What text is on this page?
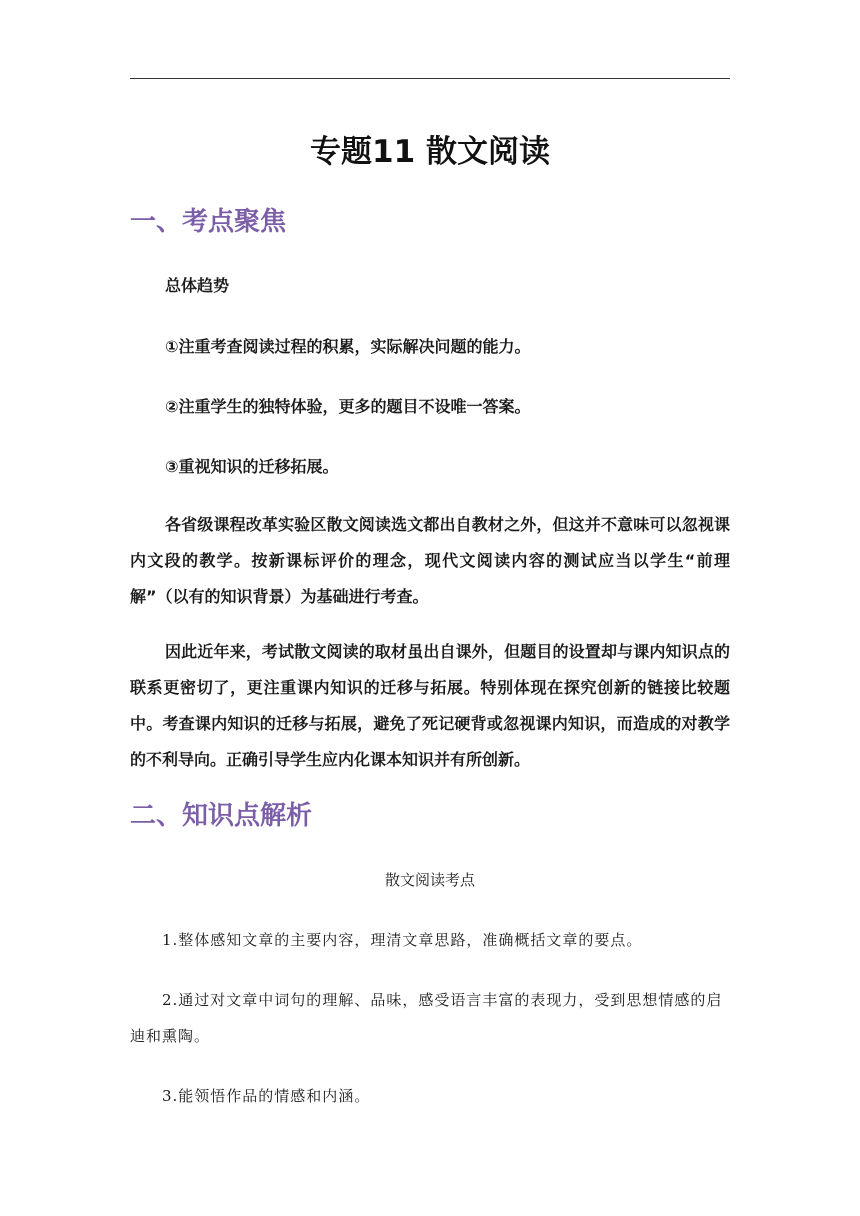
专题11 散文阅读
一、考点聚焦
总体趋势
①注重考查阅读过程的积累，实际解决问题的能力。
②注重学生的独特体验，更多的题目不设唯一答案。
③重视知识的迁移拓展。
各省级课程改革实验区散文阅读选文都出自教材之外，但这并不意味可以忽视课内文段的教学。按新课标评价的理念，现代文阅读内容的测试应当以学生“前理解”（以有的知识背景）为基础进行考查。
因此近年来，考试散文阅读的取材虽出自课外，但题目的设置却与课内知识点的联系更密切了，更注重课内知识的迁移与拓展。特别体现在探究创新的链接比较题中。考查课内知识的迁移与拓展，避免了死记硬背或忽视课内知识，而造成的对教学的不利导向。正确引导学生应内化课本知识并有所创新。
二、知识点解析
散文阅读考点
1.整体感知文章的主要内容，理清文章思路，准确概括文章的要点。
2.通过对文章中词句的理解、品味，感受语言丰富的表现力，受到思想情感的启迪和熏陶。
3.能领悟作品的情感和内涵。
